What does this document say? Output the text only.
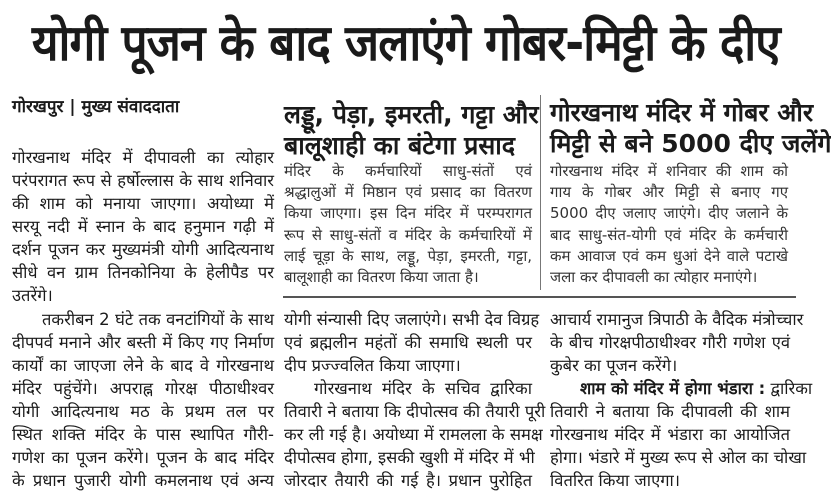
योगी पूजन के बाद जलाएंगे गोबर-मिट्टी के दीए
गोरखपुर | मुख्य संवाददाता
गोरखनाथ मंदिर में दीपावली का त्योहार
परंपरागत रूप से हर्षोल्लास के साथ शनिवार
की शाम को मनाया जाएगा। अयोध्या में
सरयू नदी में स्नान के बाद हनुमान गढ़ी में
दर्शन पूजन कर मुख्यमंत्री योगी आदित्यनाथ
सीधे वन ग्राम तिनकोनिया के हेलीपैड पर
उतरेंगे।
तकरीबन 2 घंटे तक वनटांगियों के साथ
दीपपर्व मनाने और बस्ती में किए गए निर्माण
कार्यों का जाएजा लेने के बाद वे गोरखनाथ
मंदिर पहुंचेंगे। अपराह्न गोरक्ष पीठाधीश्वर
योगी आदित्यनाथ मठ के प्रथम तल पर
स्थित शक्ति मंदिर के पास स्थापित गौरी-
गणेश का पूजन करेंगे। पूजन के बाद मंदिर
के प्रधान पुजारी योगी कमलनाथ एवं अन्य
लड्डू, पेड़ा, इमरती, गट्टा और
बालूशाही का बंटेगा प्रसाद
मंदिर के कर्मचारियों साधु-संतों एवं
श्रद्धालुओं में मिष्ठान एवं प्रसाद का वितरण
किया जाएगा। इस दिन मंदिर में परम्परागत
रूप से साधु-संतों व मंदिर के कर्मचारियों में
लाई चूड़ा के साथ, लड्डू, पेड़ा, इमरती, गट्टा,
बालूशाही का वितरण किया जाता है।
योगी संन्यासी दिए जलाएंगे। सभी देव विग्रह
एवं ब्रह्मलीन महंतों की समाधि स्थली पर
दीप प्रज्ज्वलित किया जाएगा।
गोरखनाथ मंदिर के सचिव द्वारिका
तिवारी ने बताया कि दीपोत्सव की तैयारी पूरी
कर ली गई है। अयोध्या में रामलला के समक्ष
दीपोत्सव होगा, इसकी खुशी में मंदिर में भी
जोरदार तैयारी की गई है। प्रधान पुरोहित
गोरखनाथ मंदिर में गोबर और
मिट्टी से बने 5000 दीए जलेंगे
गोरखनाथ मंदिर में शनिवार की शाम को
गाय के गोबर और मिट्टी से बनाए गए
5000 दीए जलाए जाएंगे। दीए जलाने के
बाद साधु-संत-योगी एवं मंदिर के कर्मचारी
कम आवाज एवं कम धुआं देने वाले पटाखे
जला कर दीपावली का त्योहार मनाएंगे।
आचार्य रामानुज त्रिपाठी के वैदिक मंत्रोच्चार
के बीच गोरक्षपीठाधीश्वर गौरी गणेश एवं
कुबेर का पूजन करेंगे।
शाम को मंदिर में होगा भंडारा : द्वारिका
तिवारी ने बताया कि दीपावली की शाम
गोरखनाथ मंदिर में भंडारा का आयोजित
होगा। भंडारे में मुख्य रूप से ओल का चोखा
वितरित किया जाएगा।
